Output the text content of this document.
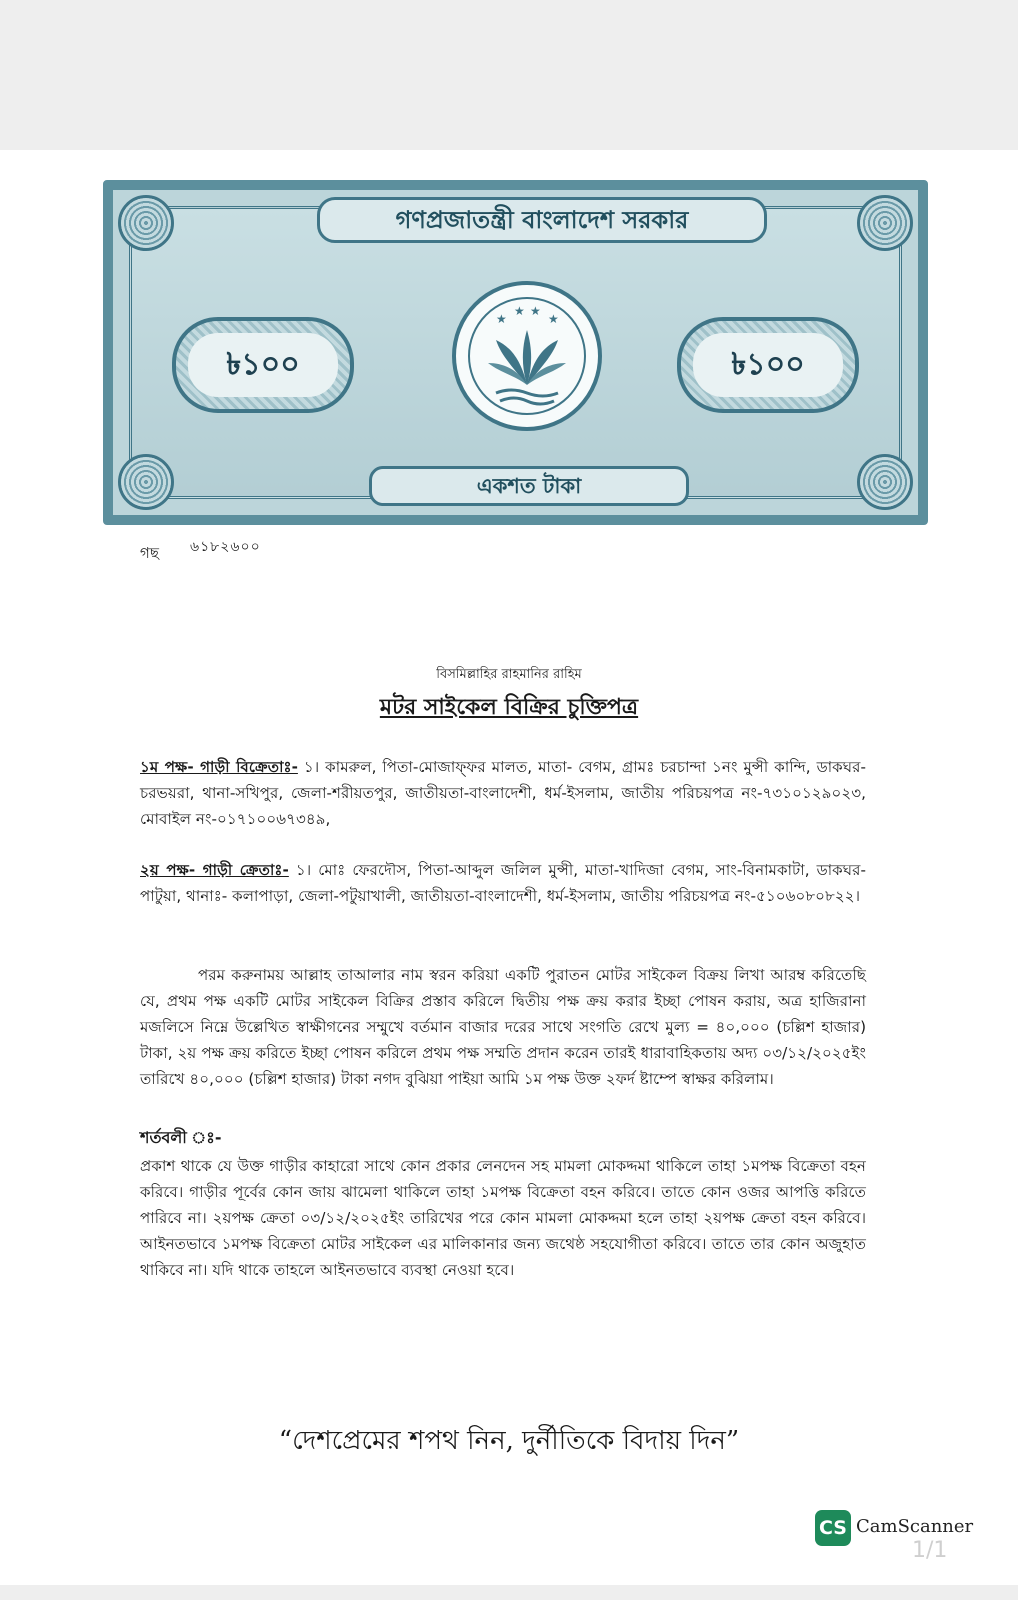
গণপ্রজাতন্ত্রী বাংলাদেশ সরকার
৳১০০
★
★ ★
★
৳১০০
একশত টাকা
গছ ৬১৮২৬০০
বিসমিল্লাহির রাহমানির রাহিম
মটর সাইকেল বিক্রির চুক্তিপত্র

১ম পক্ষ- গাড়ী বিক্রেতাঃ- ১। কামরুল, পিতা-মোজাফ্ফর মালত, মাতা- বেগম, গ্রামঃ চরচান্দা ১নং মুন্সী কান্দি, ডাকঘর-চরভয়রা, থানা-সখিপুর, জেলা-শরীয়তপুর, জাতীয়তা-বাংলাদেশী, ধর্ম-ইসলাম, জাতীয় পরিচয়পত্র নং-৭৩১০১২৯০২৩, মোবাইল নং-০১৭১০০৬৭৩৪৯,

২য় পক্ষ- গাড়ী ক্রেতাঃ- ১। মোঃ ফেরদৌস, পিতা-আব্দুল জলিল মুন্সী, মাতা-খাদিজা বেগম, সাং-বিনামকাটা, ডাকঘর-পাটুয়া, থানাঃ- কলাপাড়া, জেলা-পটুয়াখালী, জাতীয়তা-বাংলাদেশী, ধর্ম-ইসলাম, জাতীয় পরিচয়পত্র নং-৫১০৬০৮০৮২২।

পরম করুনাময় আল্লাহ তাআলার নাম স্বরন করিয়া একটি পুরাতন মোটর সাইকেল বিক্রয় লিখা আরম্ব করিতেছি যে, প্রথম পক্ষ একটি মোটর সাইকেল বিক্রির প্রস্তাব করিলে দ্বিতীয় পক্ষ ক্রয় করার ইচ্ছা পোষন করায়, অত্র হাজিরানা মজলিসে নিম্নে উল্লেখিত স্বাক্ষীগনের সম্মুখে বর্তমান বাজার দরের সাথে সংগতি রেখে মুল্য = ৪০,০০০ (চল্লিশ হাজার) টাকা, ২য় পক্ষ ক্রয় করিতে ইচ্ছা পোষন করিলে প্রথম পক্ষ সম্মতি প্রদান করেন তারই ধারাবাহিকতায় অদ্য ০৩/১২/২০২৫ইং তারিখে ৪০,০০০ (চল্লিশ হাজার) টাকা নগদ বুঝিয়া পাইয়া আমি ১ম পক্ষ উক্ত ২ফর্দ ষ্টাম্পে স্বাক্ষর করিলাম।

শর্তবলী ঃ-

প্রকাশ থাকে যে উক্ত গাড়ীর কাহারো সাথে কোন প্রকার লেনদেন সহ মামলা মোকদ্দমা থাকিলে তাহা ১মপক্ষ বিক্রেতা বহন করিবে। গাড়ীর পূর্বের কোন জায় ঝামেলা থাকিলে তাহা ১মপক্ষ বিক্রেতা বহন করিবে। তাতে কোন ওজর আপত্তি করিতে পারিবে না। ২য়পক্ষ ক্রেতা ০৩/১২/২০২৫ইং তারিখের পরে কোন মামলা মোকদ্দমা হলে তাহা ২য়পক্ষ ক্রেতা বহন করিবে। আইনতভাবে ১মপক্ষ বিক্রেতা মোটর সাইকেল এর মালিকানার জন্য জথেষ্ঠ সহযোগীতা করিবে। তাতে তার কোন অজুহাত থাকিবে না। যদি থাকে তাহলে আইনতভাবে ব্যবস্থা নেওয়া হবে।

“দেশপ্রেমের শপথ নিন, দুর্নীতিকে বিদায় দিন”
CS CamScanner
1/1
